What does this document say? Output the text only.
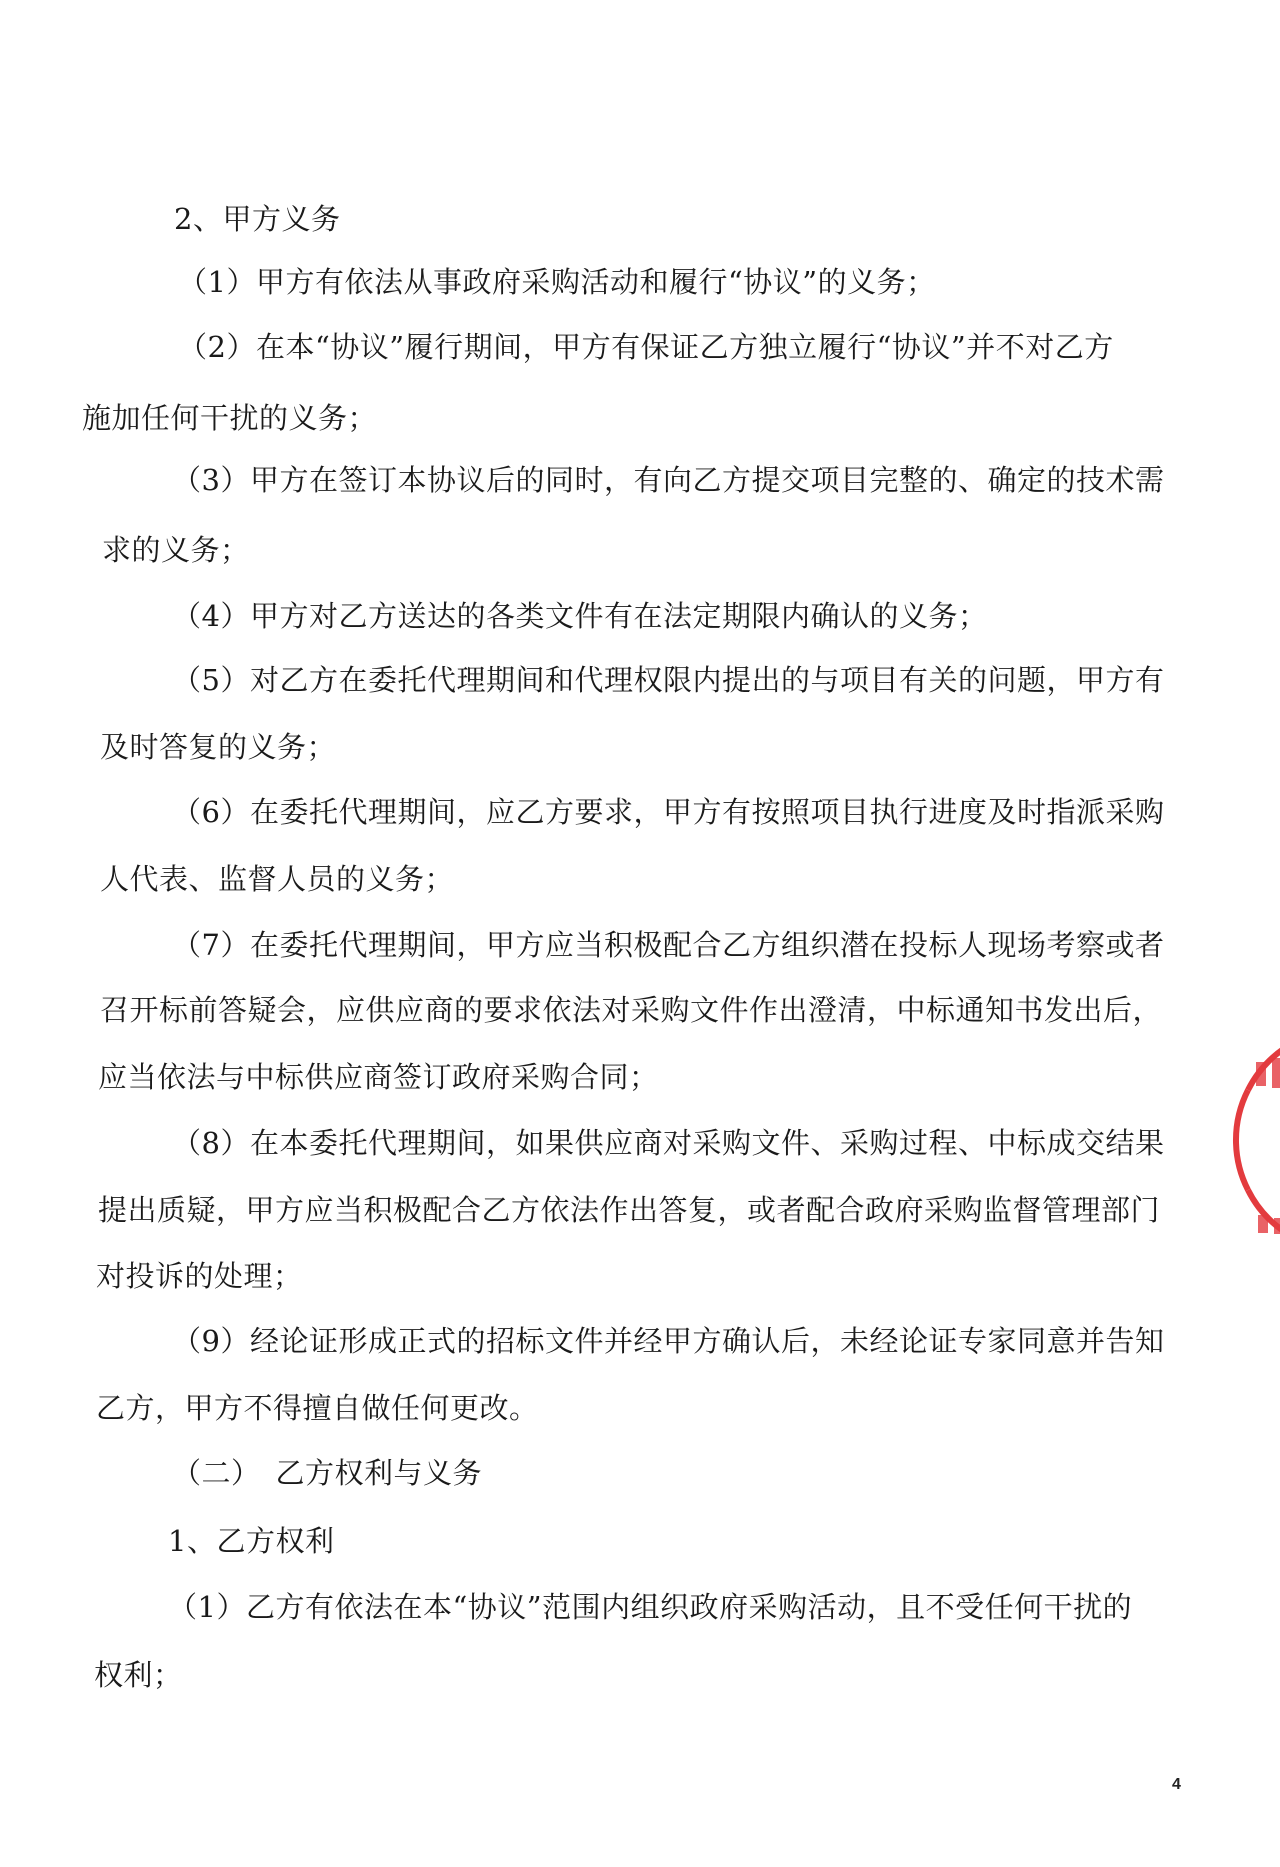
2、甲方义务
（1）甲方有依法从事政府采购活动和履行“协议”的义务；
（2）在本“协议”履行期间，甲方有保证乙方独立履行“协议”并不对乙方
施加任何干扰的义务；
（3）甲方在签订本协议后的同时，有向乙方提交项目完整的、确定的技术需
求的义务；
（4）甲方对乙方送达的各类文件有在法定期限内确认的义务；
（5）对乙方在委托代理期间和代理权限内提出的与项目有关的问题，甲方有
及时答复的义务；
（6）在委托代理期间，应乙方要求，甲方有按照项目执行进度及时指派采购
人代表、监督人员的义务；
（7）在委托代理期间，甲方应当积极配合乙方组织潜在投标人现场考察或者
召开标前答疑会，应供应商的要求依法对采购文件作出澄清，中标通知书发出后，
应当依法与中标供应商签订政府采购合同；
（8）在本委托代理期间，如果供应商对采购文件、采购过程、中标成交结果
提出质疑，甲方应当积极配合乙方依法作出答复，或者配合政府采购监督管理部门
对投诉的处理；
（9）经论证形成正式的招标文件并经甲方确认后，未经论证专家同意并告知
乙方，甲方不得擅自做任何更改。
（二）　乙方权利与义务
1、乙方权利
（1）乙方有依法在本“协议”范围内组织政府采购活动，且不受任何干扰的
权利；
4
